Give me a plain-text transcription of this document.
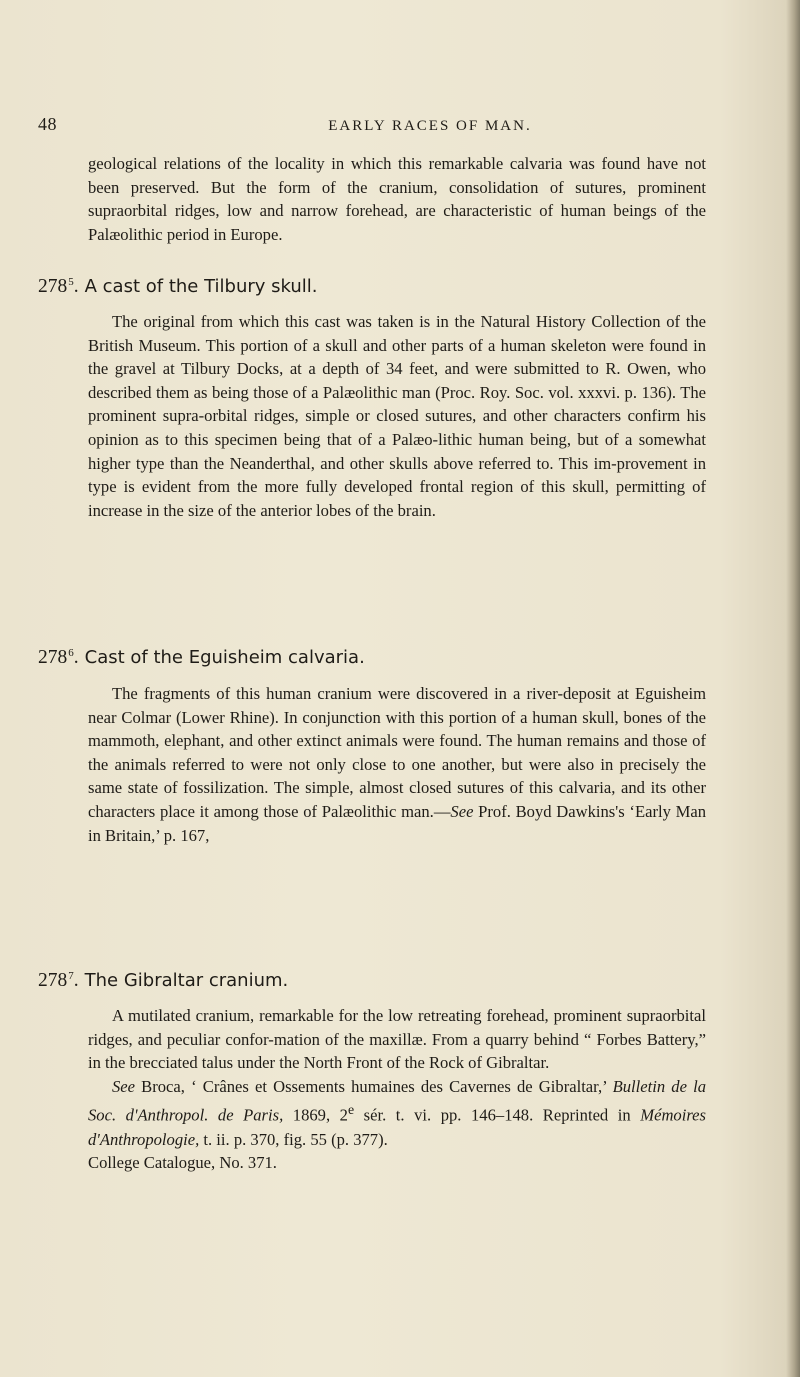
48	EARLY RACES OF MAN.

geological relations of the locality in which this remarkable calvaria was found have not been preserved. But the form of the cranium, consolidation of sutures, prominent supraorbital ridges, low and narrow forehead, are characteristic of human beings of the Palæolithic period in Europe.

$278^5$. A cast of the Tilbury skull.

The original from which this cast was taken is in the Natural History Collection of the British Museum. This portion of a skull and other parts of a human skeleton were found in the gravel at Tilbury Docks, at a depth of 34 feet, and were submitted to R. Owen, who described them as being those of a Palæolithic man (Proc. Roy. Soc. vol. xxxvi. p. 136). The prominent supra-orbital ridges, simple or closed sutures, and other characters confirm his opinion as to this specimen being that of a Palæo-lithic human being, but of a somewhat higher type than the Neanderthal, and other skulls above referred to. This im-provement in type is evident from the more fully developed frontal region of this skull, permitting of increase in the size of the anterior lobes of the brain.

$278^6$. Cast of the Eguisheim calvaria.

The fragments of this human cranium were discovered in a river-deposit at Eguisheim near Colmar (Lower Rhine). In conjunction with this portion of a human skull, bones of the mammoth, elephant, and other extinct animals were found. The human remains and those of the animals referred to were not only close to one another, but were also in precisely the same state of fossilization. The simple, almost closed sutures of this calvaria, and its other characters place it among those of Palæolithic man.—See Prof. Boyd Dawkins's ‘Early Man in Britain,’ p. 167,

$278^7$. The Gibraltar cranium.

A mutilated cranium, remarkable for the low retreating forehead, prominent supraorbital ridges, and peculiar confor-mation of the maxillæ. From a quarry behind “ Forbes Battery,” in the brecciated talus under the North Front of the Rock of Gibraltar.

See Broca, ‘ Crânes et Ossements humaines des Cavernes de Gibraltar,’ Bulletin de la Soc. d'Anthropol. de Paris, 1869, 2e sér. t. vi. pp. 146–148. Reprinted in Mémoires d'Anthropologie, t. ii. p. 370, fig. 55 (p. 377).

College Catalogue, No. 371.
